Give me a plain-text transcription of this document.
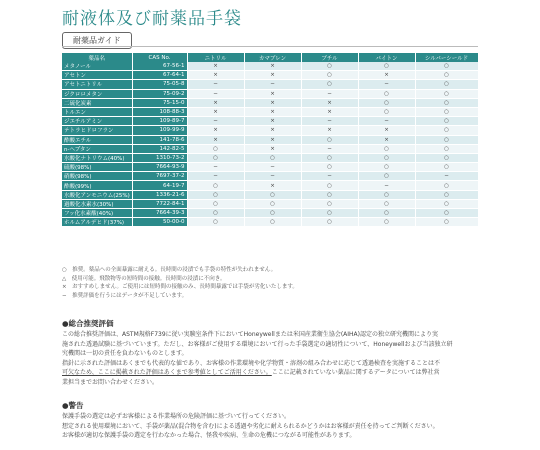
耐液体及び耐薬品手袋
耐薬品ガイド
薬品名	CAS No.	ニトリル	カマブレン	ブチル	バイトン	シルバーシールド
メタノール	67-56-1	×	×	○	○	○
アセトン	67-64-1	×	×	○	×	○
アセトニトリル	75-05-8	−	−	○	−	○
ジクロロメタン	75-09-2	−	×	−	○	○
二硫化炭素	75-15-0	×	×	×	○	○
トルエン	108-88-3	×	×	×	○	○
ジエチルアミン	109-89-7	−	×	−	−	○
テトラヒドロフラン	109-99-9	×	×	×	×	○
酢酸エチル	141-78-6	×	×	○	×	○
n-ヘプタン	142-82-5	○	×	−	○	○
水酸化ナトリウム(40%)	1310-73-2	○	○	○	○	○
硫酸(98%)	7664-93-9	−	−	○	○	○
硝酸(98%)	7697-37-2	−	−	−	○	−
酢酸(99%)	64-19-7	○	×	○	−	○
水酸化アンモニウム(25%)	1336-21-6	○	○	○	○	○
過酸化水素水(30%)	7722-84-1	○	○	○	○	○
フッ化水素酸(40%)	7664-39-3	○	○	○	○	○
ホルムアルデヒド(37%)	50-00-0	○	○	○	○	○
○　推奨。薬品への全面暴露に耐える。長時間の浸漬でも手袋の特性が失われません。
△　使用可能。飛散物等の短時間の接触。長時間の浸漬に不向き。
×　おすすめしません。ご使用には短時間の接触のみ、長時間暴露では手袋が劣化いたします。
−　推奨評価を行うにはデータが不足しています。
●総合推奨評価
この総合推奨評価は、ASTM規格F739に従い実験室条件下においてHoneywellまたは米国産業衛生協会(AIHA)認定の独立研究機関により実
施された透過試験に基づいています。ただし、お客様がご使用する環境において行った手袋選定の適切性について、Honeywellおよび当該独立研
究機関は一切の責任を負わないものとします。
指針に示された評価はあくまでも代表的な値であり、お客様の作業環境や化学物質・溶剤の組み合わせに応じて透過検査を実施することは不
可欠なため、ここに掲載された評価はあくまで参考値としてご活用ください。ここに記載されていない薬品に関するデータについては弊社営
業担当までお問い合わせください。
●警告
保護手袋の選定は必ずお客様による作業場所の危険評価に基づいて行ってください。
想定される使用環境において、手袋が薬品(混合物を含む)による透過や劣化に耐えられるかどうかはお客様が責任を持ってご判断ください。
お客様が適切な保護手袋の選定を行わなかった場合、怪我や疾病、生命の危機につながる可能性があります。
